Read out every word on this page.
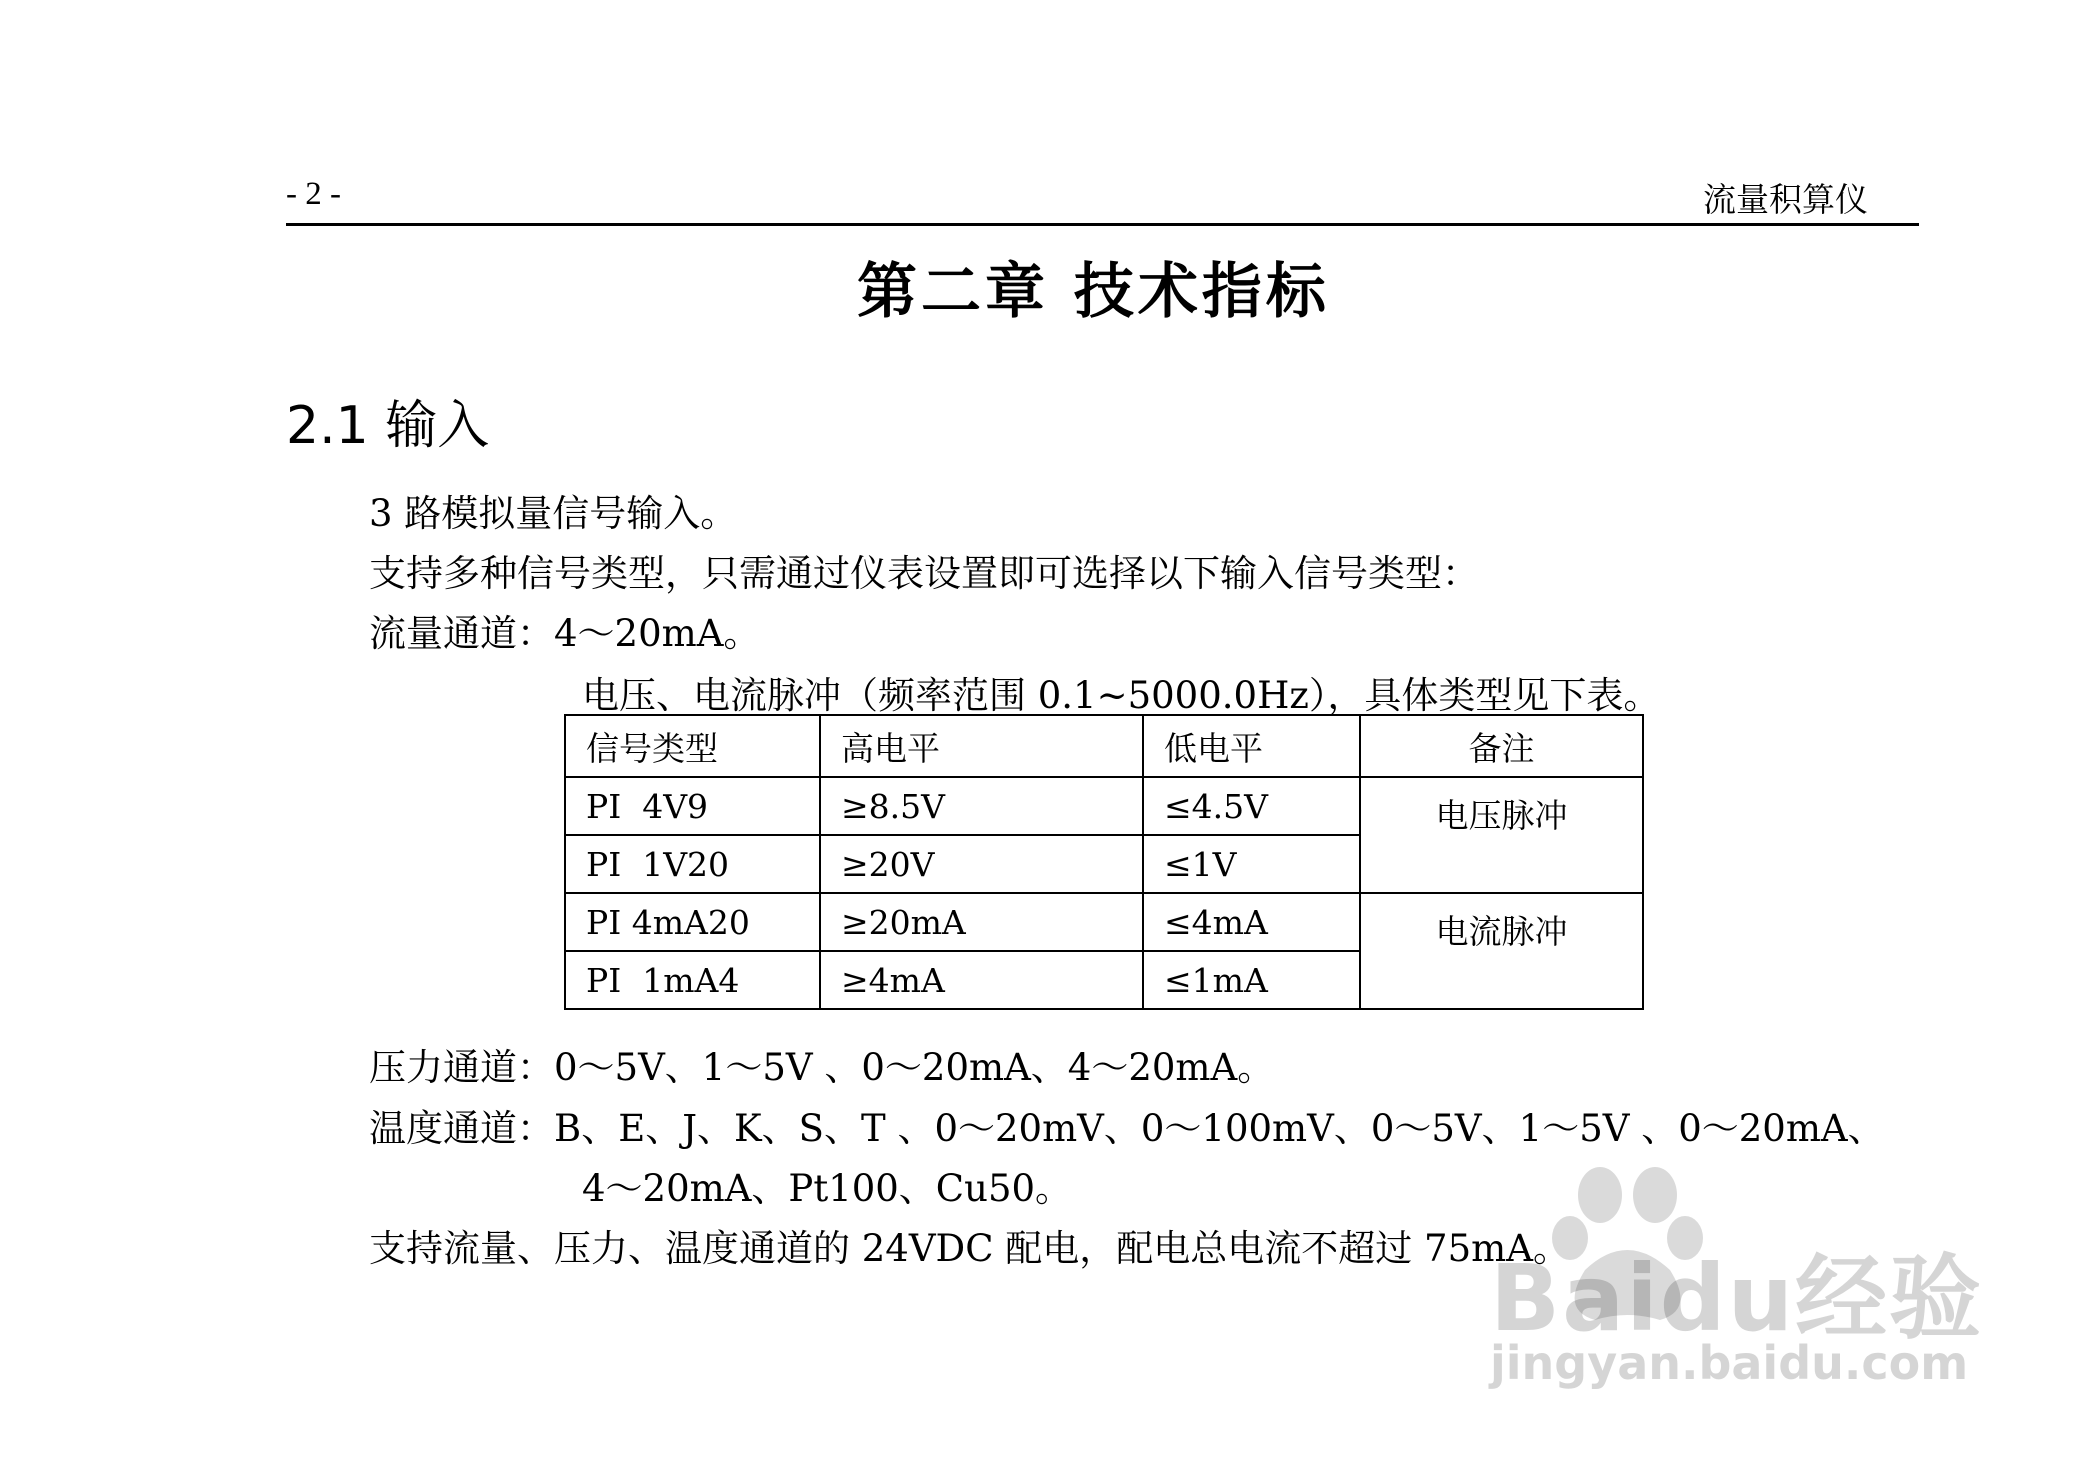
- 2 -	流量积算仪
第二章 技术指标
2.1 输入
3 路模拟量信号输入。
支持多种信号类型，只需通过仪表设置即可选择以下输入信号类型：
流量通道：4～20mA。
电压、电流脉冲（频率范围 0.1~5000.0Hz），具体类型见下表。
信号类型	高电平	低电平	备注
PI  4V9	≥8.5V	≤4.5V	电压脉冲
PI  1V20	≥20V	≤1V	
PI 4mA20	≥20mA	≤4mA	电流脉冲
PI  1mA4	≥4mA	≤1mA	
压力通道：0～5V、1～5V 、0～20mA、4～20mA。
温度通道：B、E、J、K、S、T 、0～20mV、0～100mV、0～5V、1～5V 、0～20mA、
4～20mA、Pt100、Cu50。
支持流量、压力、温度通道的 24VDC 配电，配电总电流不超过 75mA。
Baidu经验
jingyan.baidu.com
